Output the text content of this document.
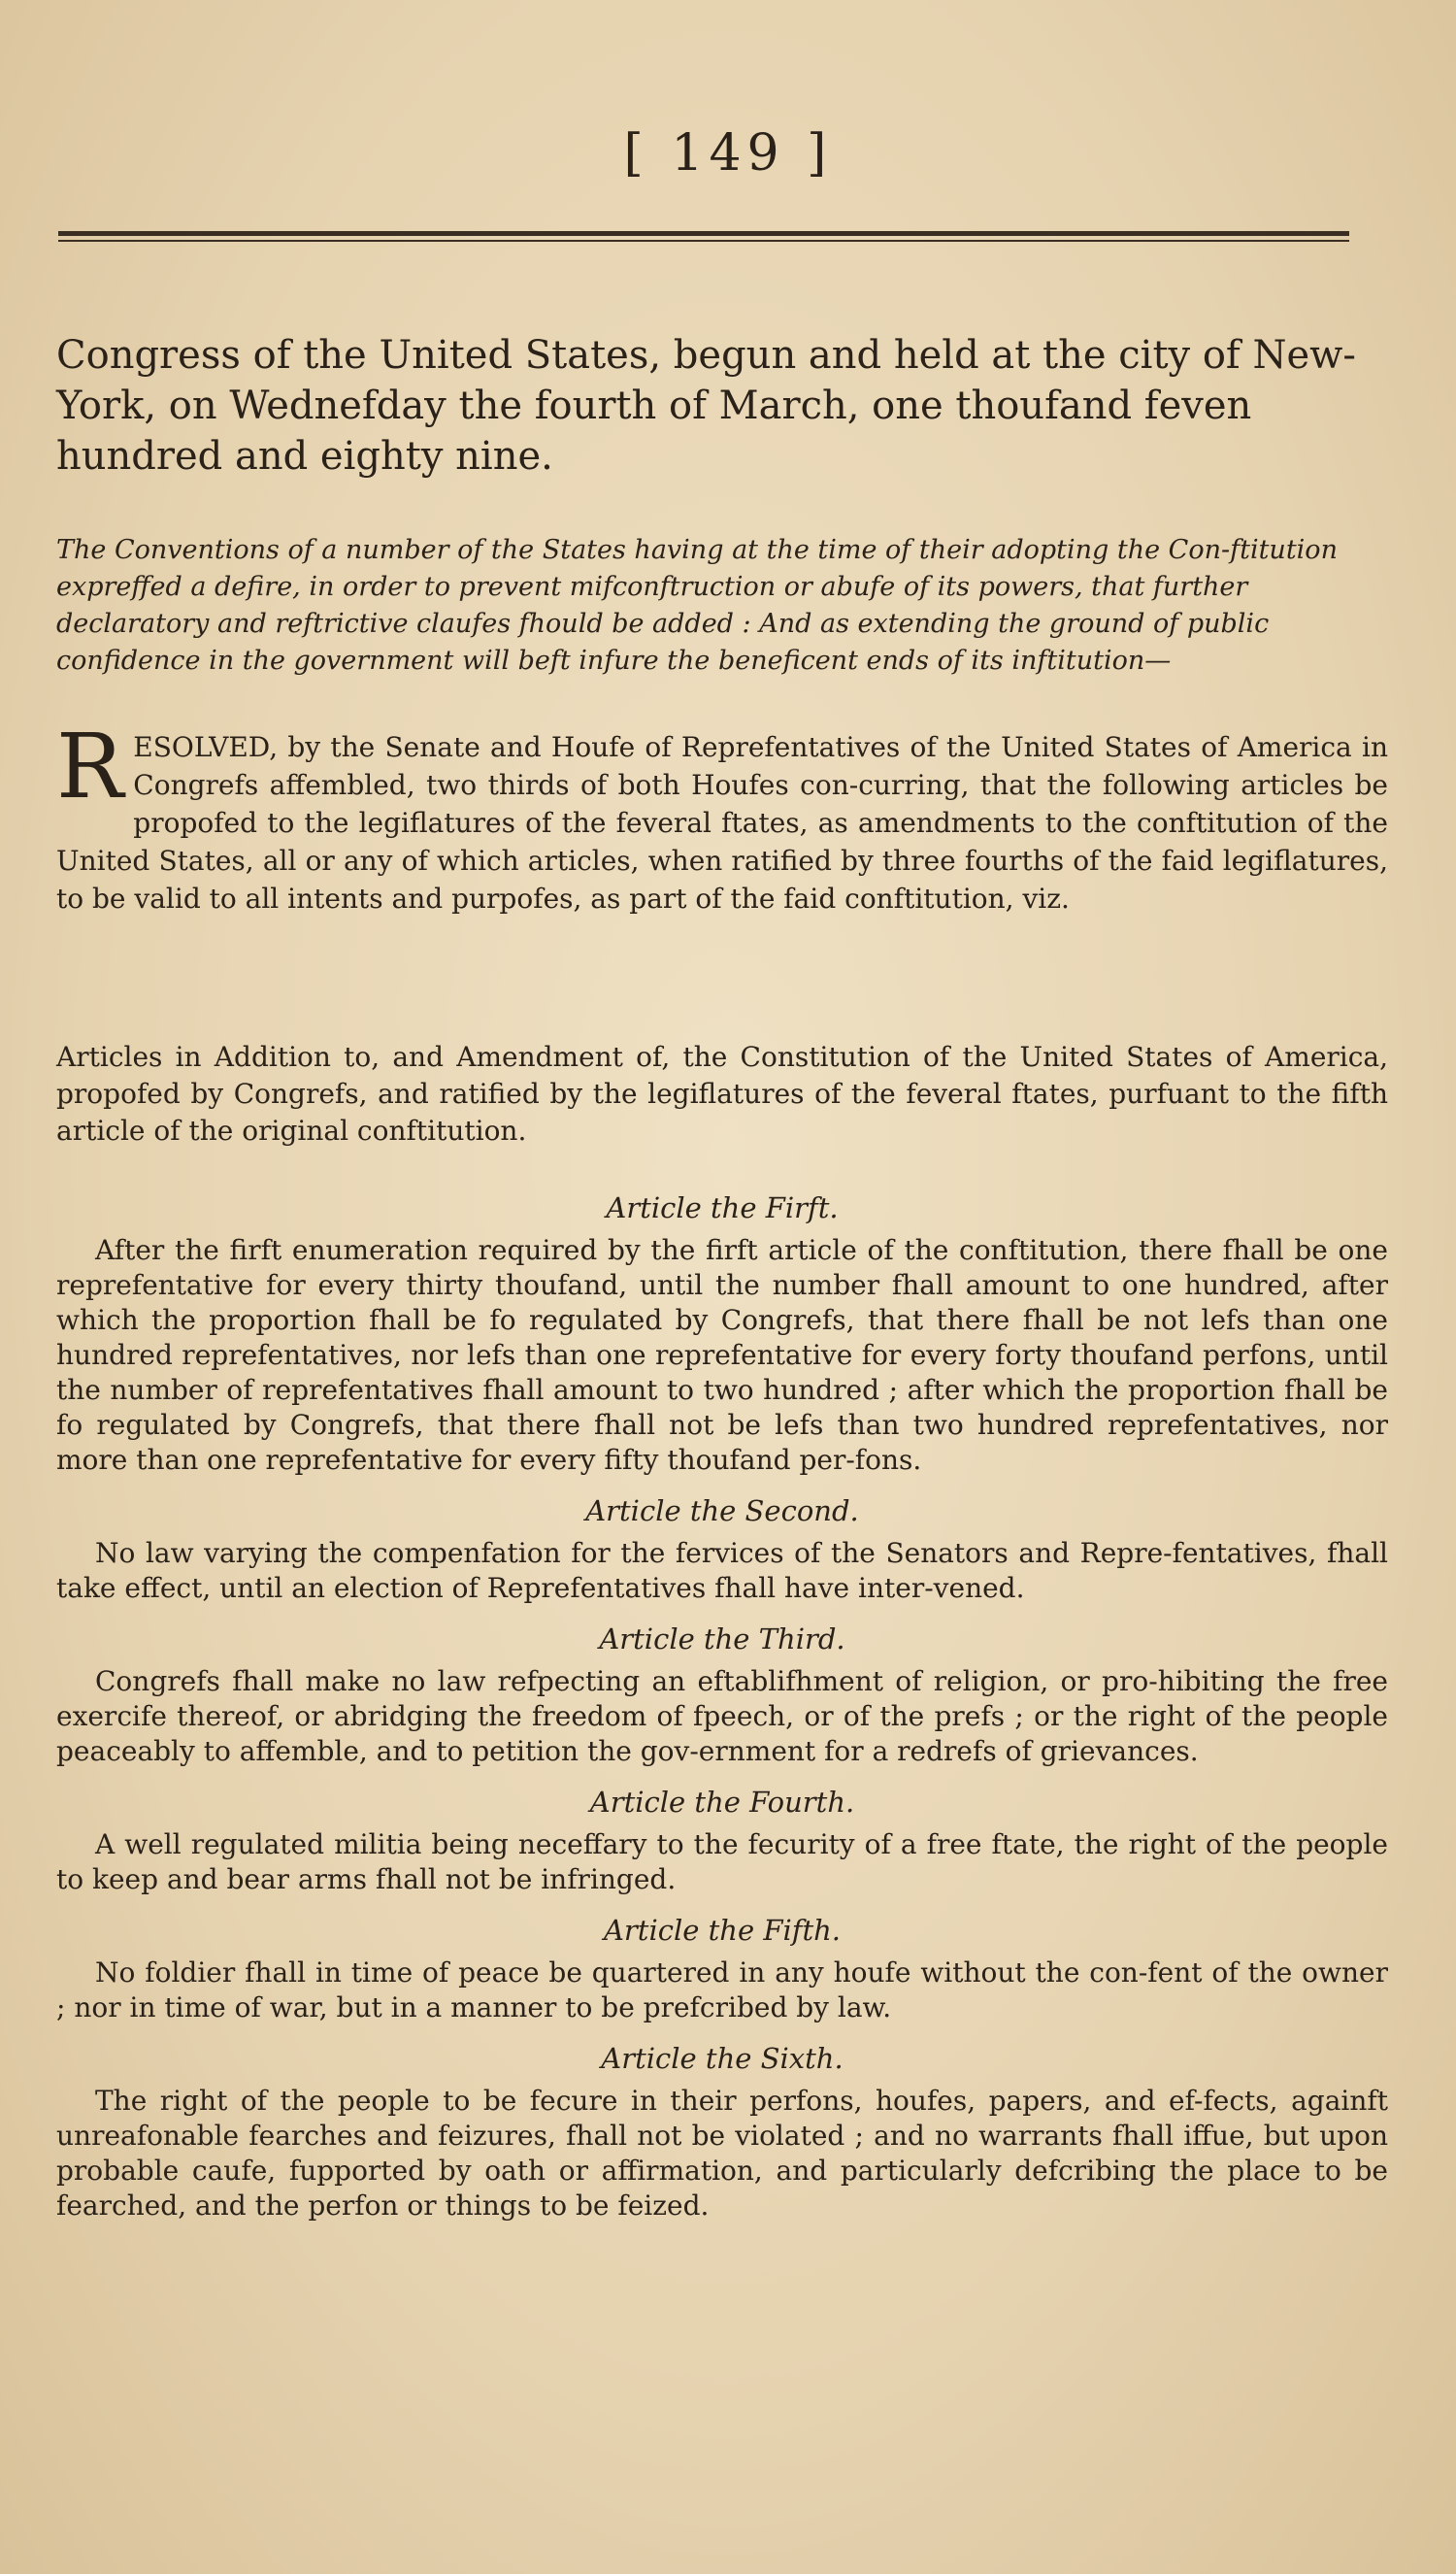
[ 149 ]
Congress of the United States, begun and held at the city of New-York, on Wednefday the fourth of March, one thoufand feven hundred and eighty nine.
The Conventions of a number of the States having at the time of their adopting the Con-ftitution expreffed a defire, in order to prevent mifconftruction or abufe of its powers, that further declaratory and reftrictive claufes fhould be added : And as extending the ground of public confidence in the government will beft infure the beneficent ends of its inftitution—
RESOLVED, by the Senate and Houfe of Reprefentatives of the United States of America in Congrefs affembled, two thirds of both Houfes con-curring, that the following articles be propofed to the legiflatures of the feveral ftates, as amendments to the conftitution of the United States, all or any of which articles, when ratified by three fourths of the faid legiflatures, to be valid to all intents and purpofes, as part of the faid conftitution, viz.
Articles in Addition to, and Amendment of, the Constitution of the United States of America, propofed by Congrefs, and ratified by the legiflatures of the feveral ftates, purfuant to the fifth article of the original conftitution.
Article the Firft.

After the firft enumeration required by the firft article of the conftitution, there fhall be one reprefentative for every thirty thoufand, until the number fhall amount to one hundred, after which the proportion fhall be fo regulated by Congrefs, that there fhall be not lefs than one hundred reprefentatives, nor lefs than one reprefentative for every forty thoufand perfons, until the number of reprefentatives fhall amount to two hundred ; after which the proportion fhall be fo regulated by Congrefs, that there fhall not be lefs than two hundred reprefentatives, nor more than one reprefentative for every fifty thoufand per-fons.

Article the Second.

No law varying the compenfation for the fervices of the Senators and Repre-fentatives, fhall take effect, until an election of Reprefentatives fhall have inter-vened.

Article the Third.

Congrefs fhall make no law refpecting an eftablifhment of religion, or pro-hibiting the free exercife thereof, or abridging the freedom of fpeech, or of the prefs ; or the right of the people peaceably to affemble, and to petition the gov-ernment for a redrefs of grievances.

Article the Fourth.

A well regulated militia being neceffary to the fecurity of a free ftate, the right of the people to keep and bear arms fhall not be infringed.

Article the Fifth.

No foldier fhall in time of peace be quartered in any houfe without the con-fent of the owner ; nor in time of war, but in a manner to be prefcribed by law.

Article the Sixth.

The right of the people to be fecure in their perfons, houfes, papers, and ef-fects, againft unreafonable fearches and feizures, fhall not be violated ; and no warrants fhall iffue, but upon probable caufe, fupported by oath or affirmation, and particularly defcribing the place to be fearched, and the perfon or things to be feized.
